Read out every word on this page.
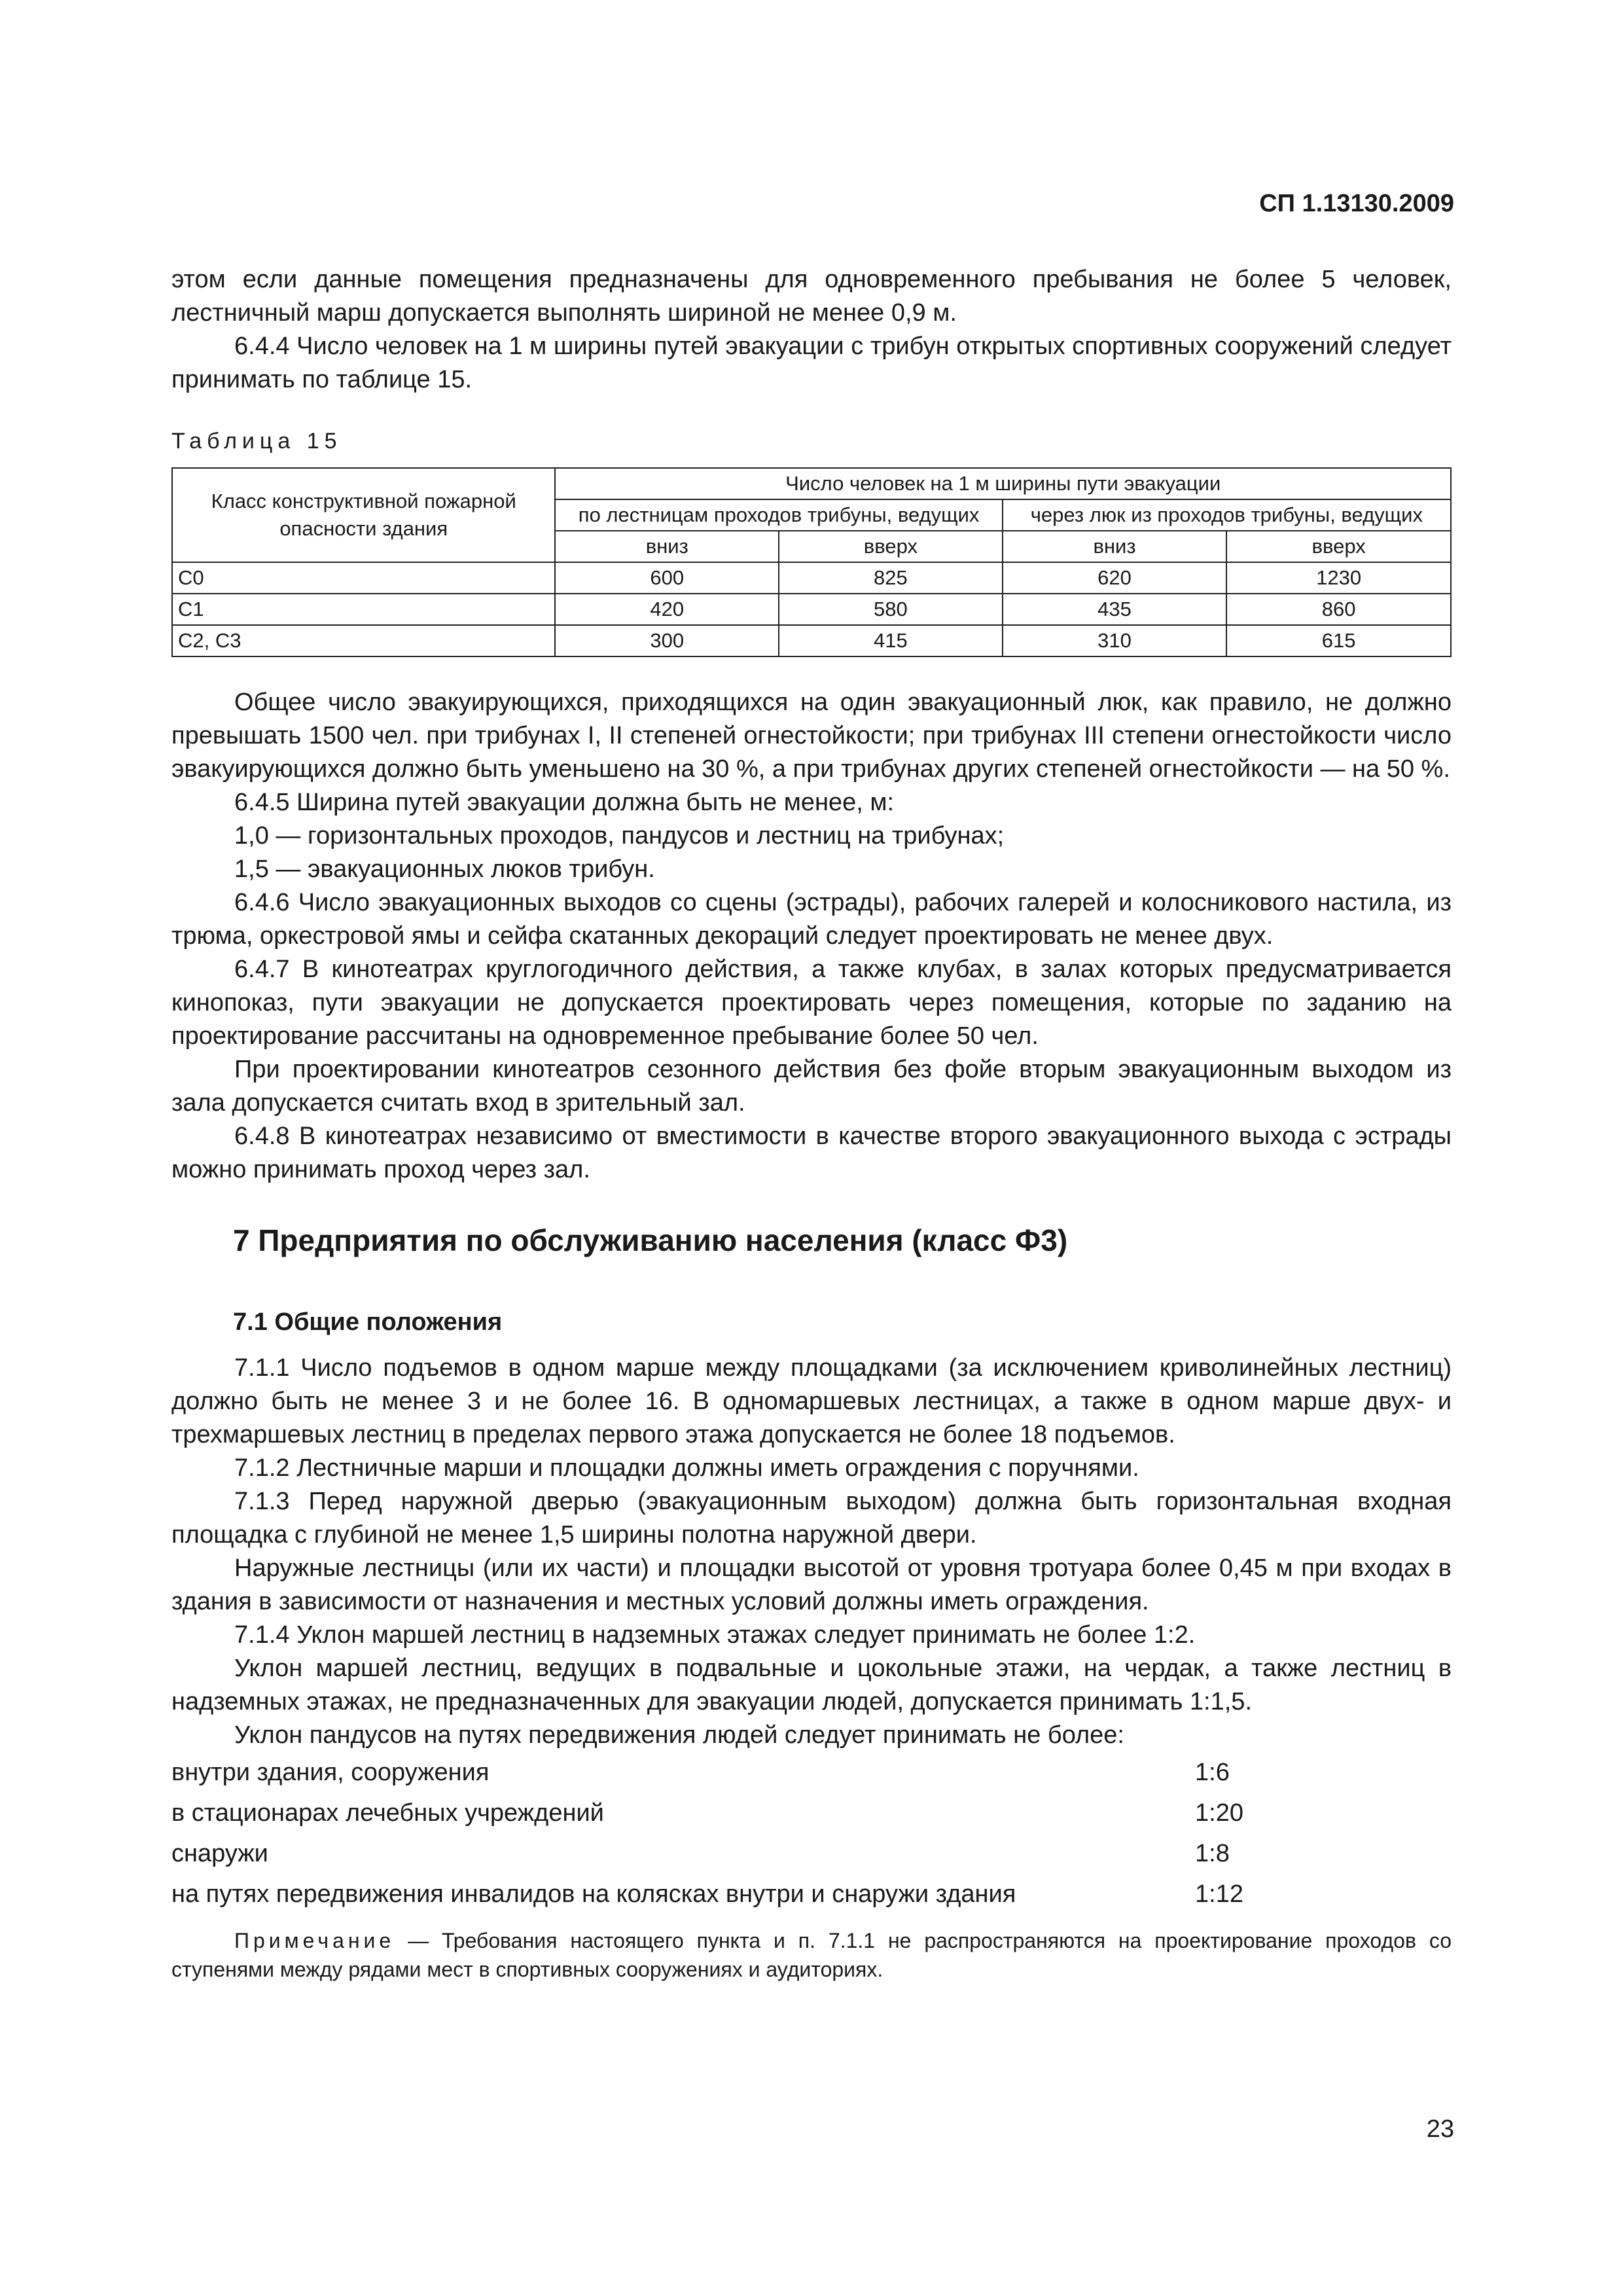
СП 1.13130.2009

этом если данные помещения предназначены для одновременного пребывания не более 5 человек, лестничный марш допускается выполнять шириной не менее 0,9 м.

6.4.4 Число человек на 1 м ширины путей эвакуации с трибун открытых спортивных сооружений следует принимать по таблице 15.

Таблица 15
Класс конструктивной пожарной опасности здания	Число человек на 1 м ширины пути эвакуации			
	по лестницам проходов трибуны, ведущих		через люк из проходов трибуны, ведущих	
	вниз	вверх	вниз	вверх
С0	600	825	620	1230
С1	420	580	435	860
С2, С3	300	415	310	615

Общее число эвакуирующихся, приходящихся на один эвакуационный люк, как правило, не должно превышать 1500 чел. при трибунах I, II степеней огнестойкости; при трибунах III степени огнестойкости число эвакуирующихся должно быть уменьшено на 30 %, а при трибунах других степеней огнестойкости — на 50 %.

6.4.5 Ширина путей эвакуации должна быть не менее, м:

1,0 — горизонтальных проходов, пандусов и лестниц на трибунах;

1,5 — эвакуационных люков трибун.

6.4.6 Число эвакуационных выходов со сцены (эстрады), рабочих галерей и колосникового настила, из трюма, оркестровой ямы и сейфа скатанных декораций следует проектировать не менее двух.

6.4.7 В кинотеатрах круглогодичного действия, а также клубах, в залах которых предусматривается кинопоказ, пути эвакуации не допускается проектировать через помещения, которые по заданию на проектирование рассчитаны на одновременное пребывание более 50 чел.

При проектировании кинотеатров сезонного действия без фойе вторым эвакуационным выходом из зала допускается считать вход в зрительный зал.

6.4.8 В кинотеатрах независимо от вместимости в качестве второго эвакуационного выхода с эстрады можно принимать проход через зал.

7 Предприятия по обслуживанию населения (класс Ф3)
7.1 Общие положения

7.1.1 Число подъемов в одном марше между площадками (за исключением криволинейных лестниц) должно быть не менее 3 и не более 16. В одномаршевых лестницах, а также в одном марше двух- и трехмаршевых лестниц в пределах первого этажа допускается не более 18 подъемов.

7.1.2 Лестничные марши и площадки должны иметь ограждения с поручнями.

7.1.3 Перед наружной дверью (эвакуационным выходом) должна быть горизонтальная входная площадка с глубиной не менее 1,5 ширины полотна наружной двери.

Наружные лестницы (или их части) и площадки высотой от уровня тротуара более 0,45 м при входах в здания в зависимости от назначения и местных условий должны иметь ограждения.

7.1.4 Уклон маршей лестниц в надземных этажах следует принимать не более 1:2.

Уклон маршей лестниц, ведущих в подвальные и цокольные этажи, на чердак, а также лестниц в надземных этажах, не предназначенных для эвакуации людей, допускается принимать 1:1,5.

Уклон пандусов на путях передвижения людей следует принимать не более:

внутри здания, сооружения	1:6
в стационарах лечебных учреждений	1:20
снаружи	1:8
на путях передвижения инвалидов на колясках внутри и снаружи здания	1:12

Примечание — Требования настоящего пункта и п. 7.1.1 не распространяются на проектирование проходов со ступенями между рядами мест в спортивных сооружениях и аудиториях.

23
